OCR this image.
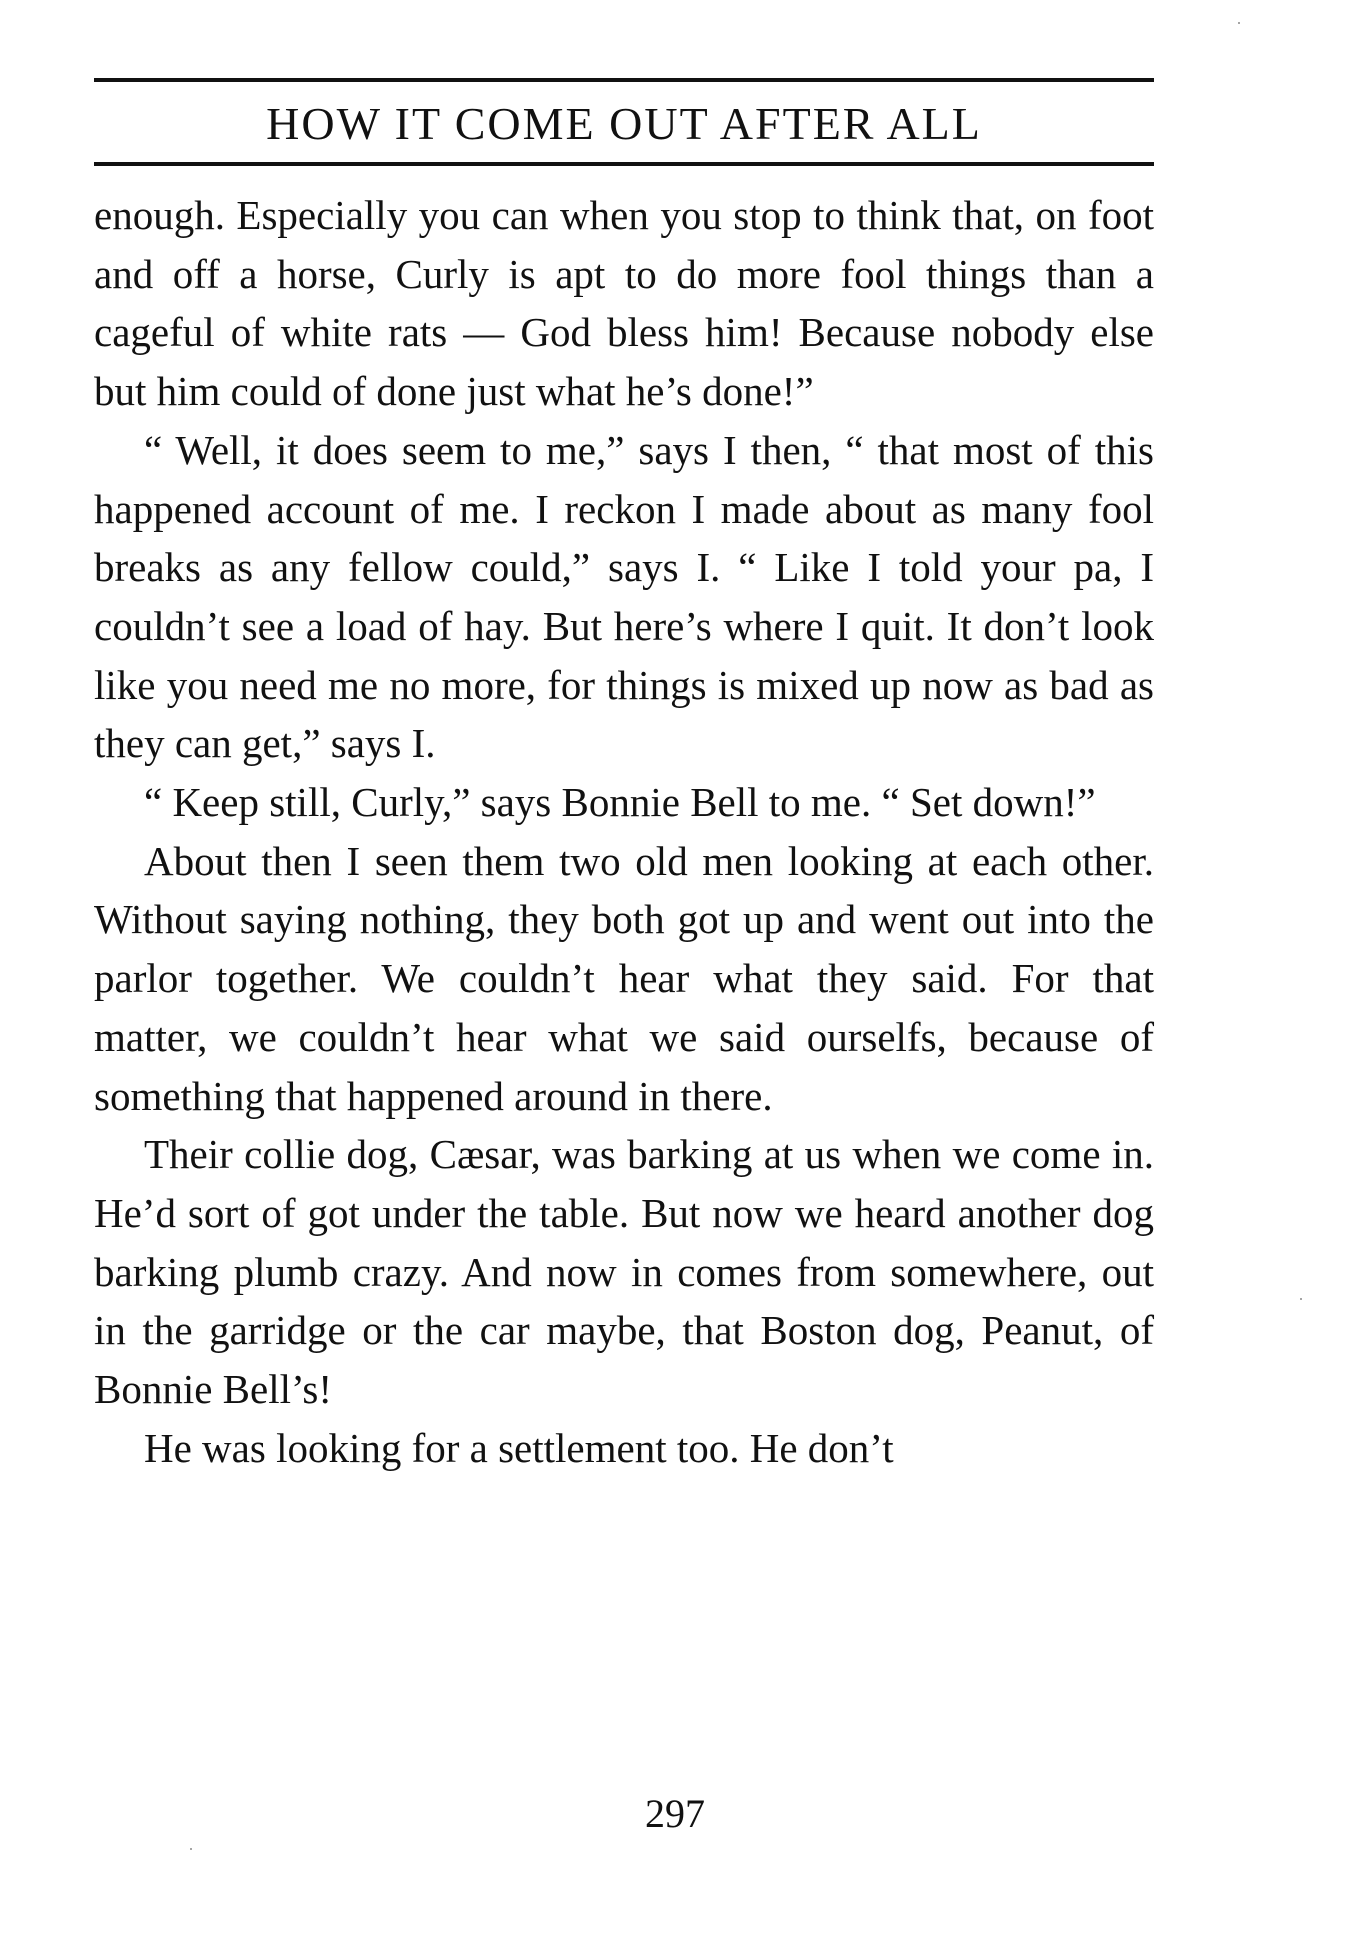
HOW IT COME OUT AFTER ALL

enough. Especially you can when you stop to think that, on foot and off a horse, Curly is apt to do more fool things than a cageful of white rats — God bless him! Because nobody else but him could of done just what he’s done!”

“ Well, it does seem to me,” says I then, “ that most of this happened account of me. I reckon I made about as many fool breaks as any fellow could,” says I. “ Like I told your pa, I couldn’t see a load of hay. But here’s where I quit. It don’t look like you need me no more, for things is mixed up now as bad as they can get,” says I.

“ Keep still, Curly,” says Bonnie Bell to me. “ Set down!”

About then I seen them two old men looking at each other. Without saying nothing, they both got up and went out into the parlor together. We couldn’t hear what they said. For that matter, we couldn’t hear what we said ourselfs, because of something that happened around in there.

Their collie dog, Cæsar, was barking at us when we come in. He’d sort of got under the table. But now we heard another dog barking plumb crazy. And now in comes from somewhere, out in the garridge or the car maybe, that Boston dog, Peanut, of Bonnie Bell’s!

He was looking for a settlement too. He don’t

297
